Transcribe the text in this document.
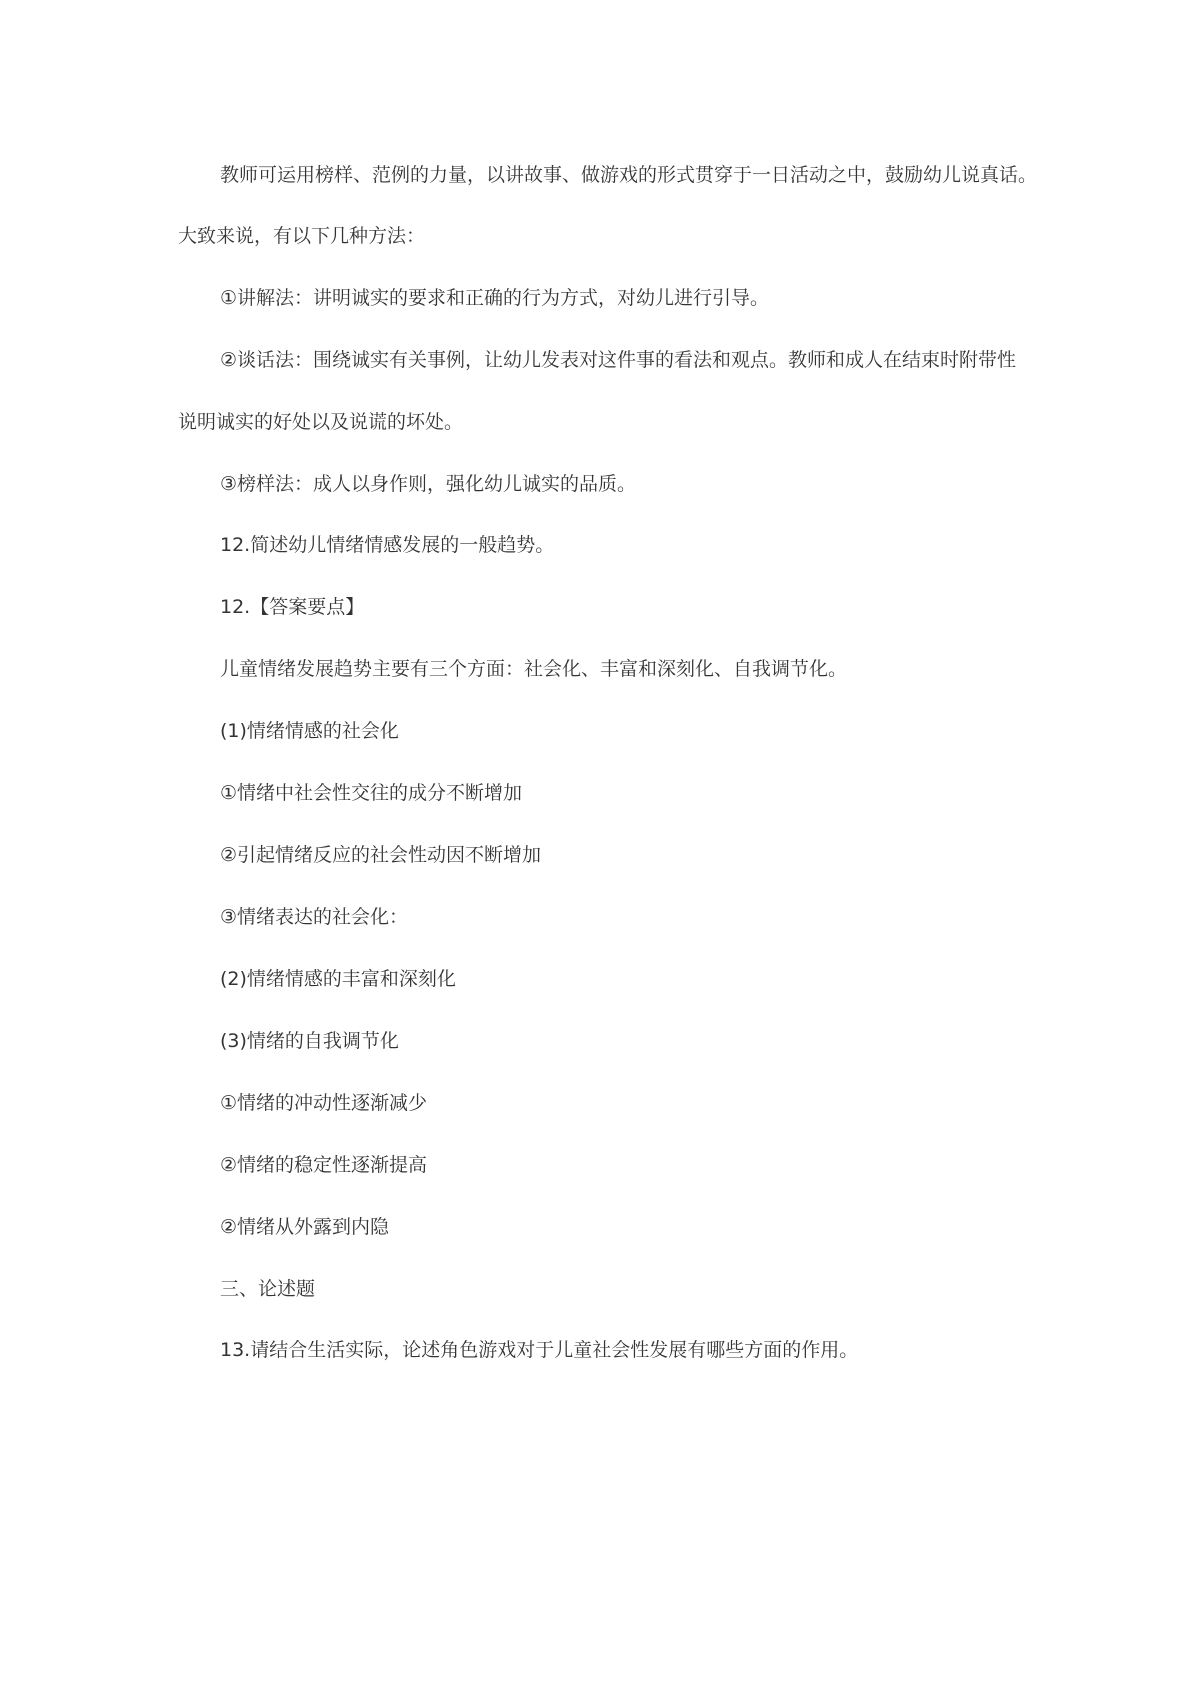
教师可运用榜样、范例的力量，以讲故事、做游戏的形式贯穿于一日活动之中，鼓励幼儿说真话。

大致来说，有以下几种方法：

①讲解法：讲明诚实的要求和正确的行为方式，对幼儿进行引导。

②谈话法：围绕诚实有关事例，让幼儿发表对这件事的看法和观点。教师和成人在结束时附带性

说明诚实的好处以及说谎的坏处。

③榜样法：成人以身作则，强化幼儿诚实的品质。

12.简述幼儿情绪情感发展的一般趋势。

12.【答案要点】

儿童情绪发展趋势主要有三个方面：社会化、丰富和深刻化、自我调节化。

(1)情绪情感的社会化

①情绪中社会性交往的成分不断增加

②引起情绪反应的社会性动因不断增加

③情绪表达的社会化：

(2)情绪情感的丰富和深刻化

(3)情绪的自我调节化

①情绪的冲动性逐渐减少

②情绪的稳定性逐渐提高

②情绪从外露到内隐

三、论述题

13.请结合生活实际，论述角色游戏对于儿童社会性发展有哪些方面的作用。
